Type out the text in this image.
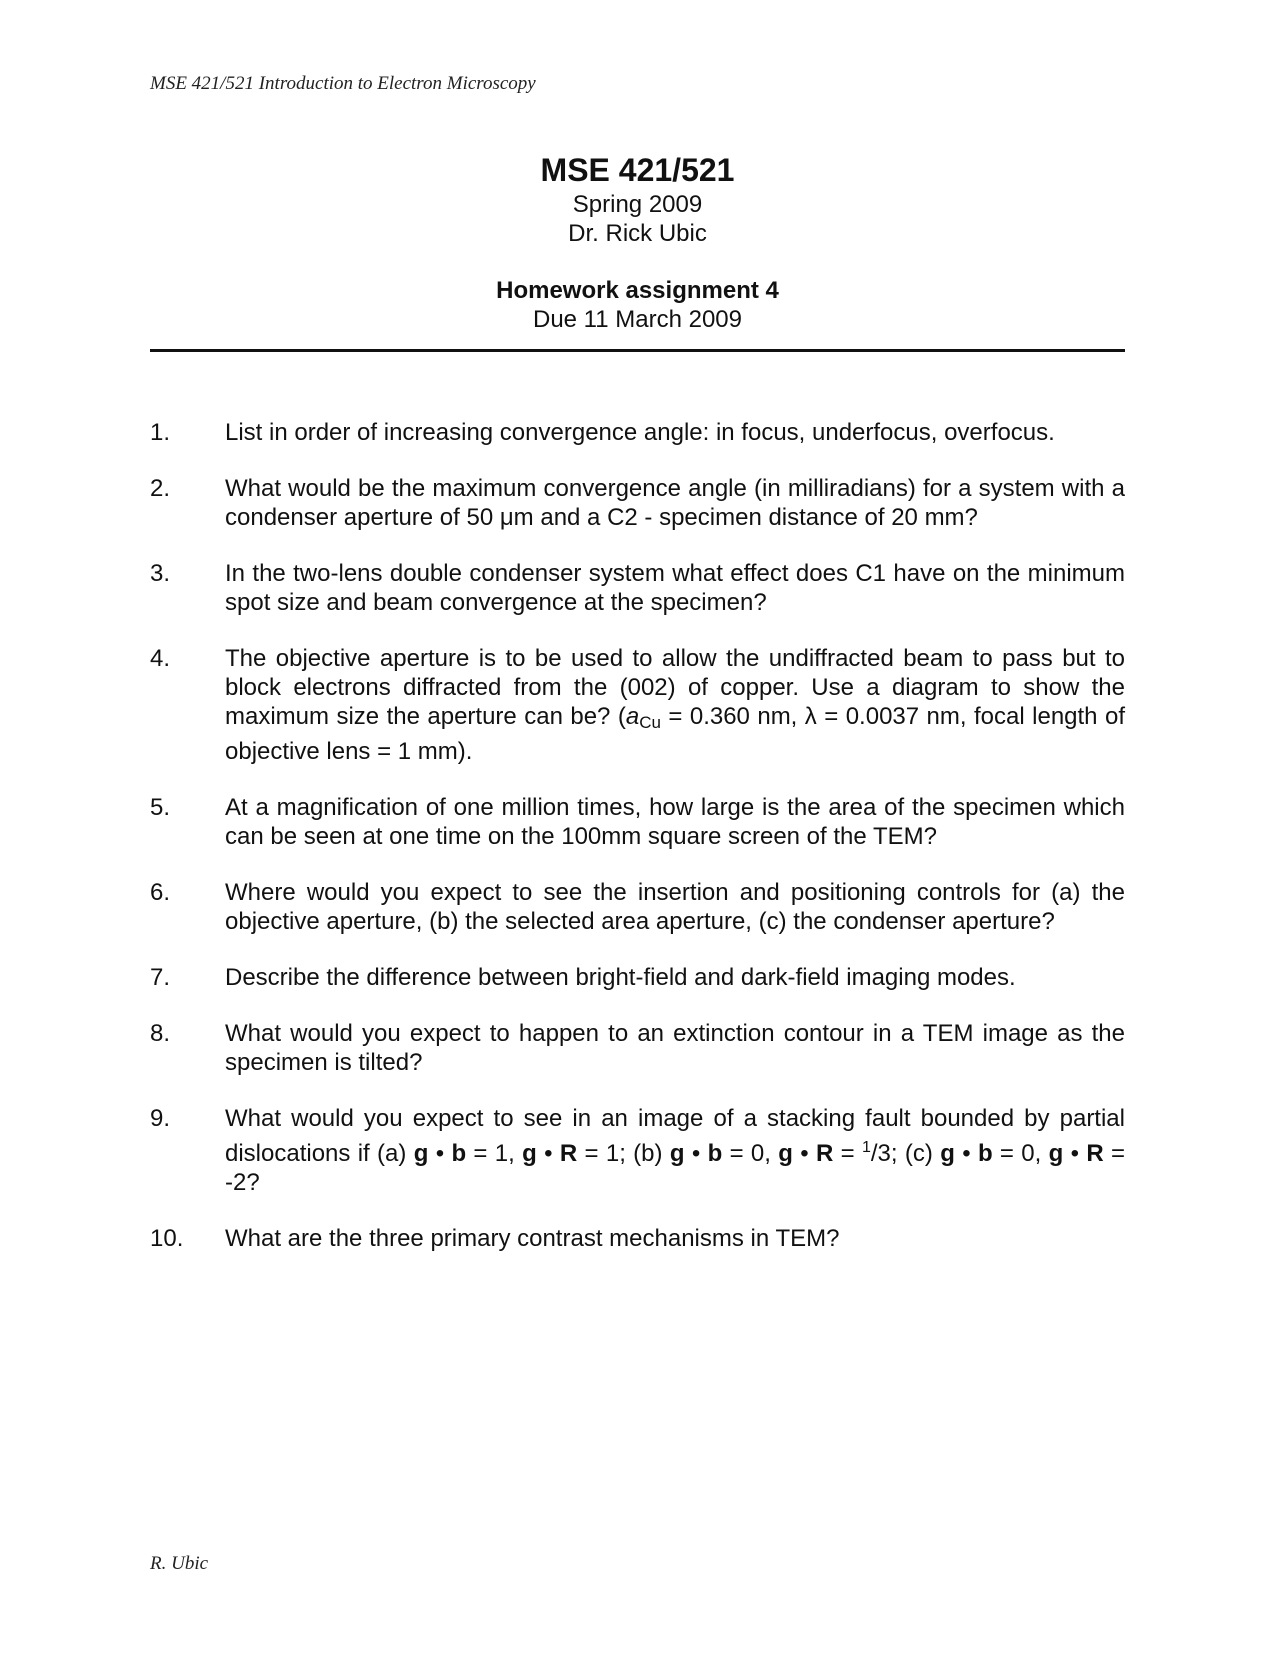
MSE 421/521 Introduction to Electron Microscopy
MSE 421/521
Spring 2009
Dr. Rick Ubic
Homework assignment 4
Due 11 March 2009
1.	List in order of increasing convergence angle: in focus, underfocus, overfocus.
2.	What would be the maximum convergence angle (in milliradians) for a system with a condenser aperture of 50 μm and a C2 - specimen distance of 20 mm?
3.	In the two-lens double condenser system what effect does C1 have on the minimum spot size and beam convergence at the specimen?
4.	The objective aperture is to be used to allow the undiffracted beam to pass but to block electrons diffracted from the (002) of copper. Use a diagram to show the maximum size the aperture can be? ($a_{Cu} = 0.360$ nm, λ = 0.0037 nm, focal length of objective lens = 1 mm).
5.	At a magnification of one million times, how large is the area of the specimen which can be seen at one time on the 100mm square screen of the TEM?
6.	Where would you expect to see the insertion and positioning controls for (a) the objective aperture, (b) the selected area aperture, (c) the condenser aperture?
7.	Describe the difference between bright-field and dark-field imaging modes.
8.	What would you expect to happen to an extinction contour in a TEM image as the specimen is tilted?
9.	What would you expect to see in an image of a stacking fault bounded by partial dislocations if (a) g • b = 1, g • R = 1; (b) g • b = 0, g • R = $^1$/3; (c) g • b = 0, g • R = -2?
10.	What are the three primary contrast mechanisms in TEM?
R. Ubic
